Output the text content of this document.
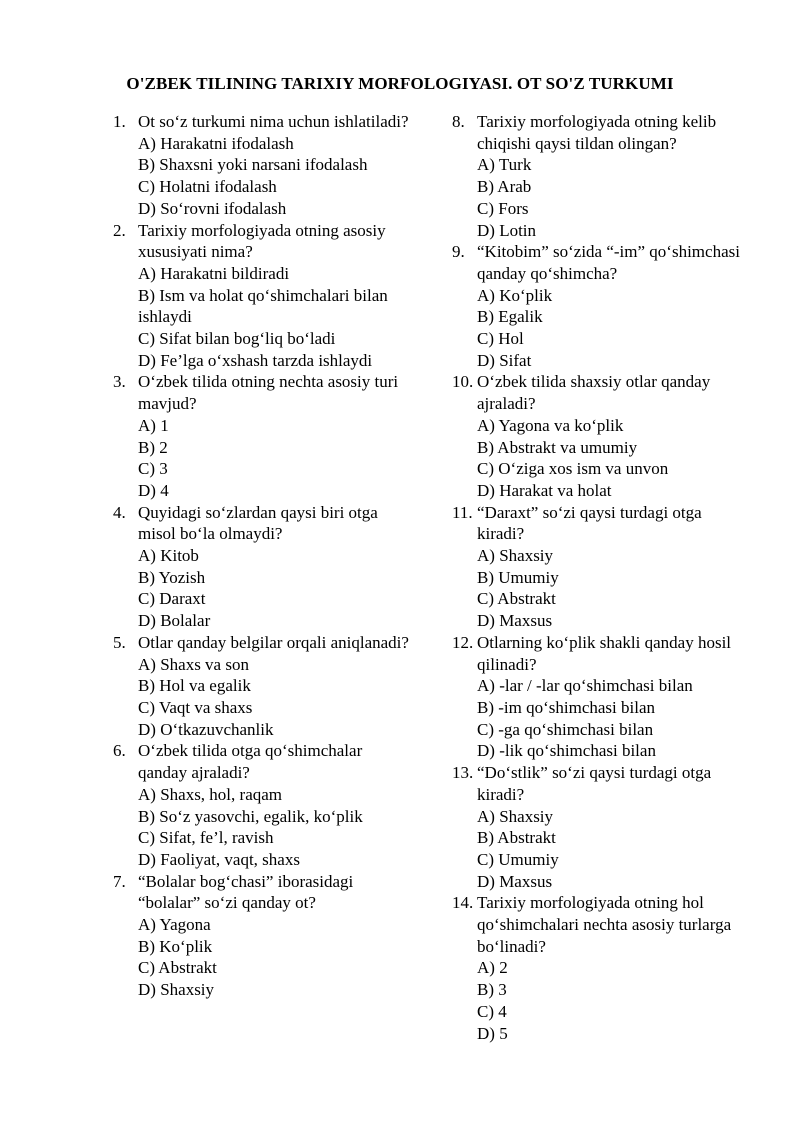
O'ZBEK TILINING TARIXIY MORFOLOGIYASI. OT SO'Z TURKUMI
1. Ot so‘z turkumi nima uchun ishlatiladi?
A) Harakatni ifodalash
B) Shaxsni yoki narsani ifodalash
C) Holatni ifodalash
D) So‘rovni ifodalash
2. Tarixiy morfologiyada otning asosiy xususiyati nima?
A) Harakatni bildiradi
B) Ism va holat qo‘shimchalari bilan ishlaydi
C) Sifat bilan bog‘liq bo‘ladi
D) Fe’lga o‘xshash tarzda ishlaydi
3. O‘zbek tilida otning nechta asosiy turi mavjud?
A) 1
B) 2
C) 3
D) 4
4. Quyidagi so‘zlardan qaysi biri otga misol bo‘la olmaydi?
A) Kitob
B) Yozish
C) Daraxt
D) Bolalar
5. Otlar qanday belgilar orqali aniqlanadi?
A) Shaxs va son
B) Hol va egalik
C) Vaqt va shaxs
D) O‘tkazuvchanlik
6. O‘zbek tilida otga qo‘shimchalar qanday ajraladi?
A) Shaxs, hol, raqam
B) So‘z yasovchi, egalik, ko‘plik
C) Sifat, fe’l, ravish
D) Faoliyat, vaqt, shaxs
7. “Bolalar bog‘chasi” iborasidagi “bolalar” so‘zi qanday ot?
A) Yagona
B) Ko‘plik
C) Abstrakt
D) Shaxsiy
8. Tarixiy morfologiyada otning kelib chiqishi qaysi tildan olingan?
A) Turk
B) Arab
C) Fors
D) Lotin
9. “Kitobim” so‘zida “-im” qo‘shimchasi qanday qo‘shimcha?
A) Ko‘plik
B) Egalik
C) Hol
D) Sifat
10. O‘zbek tilida shaxsiy otlar qanday ajraladi?
A) Yagona va ko‘plik
B) Abstrakt va umumiy
C) O‘ziga xos ism va unvon
D) Harakat va holat
11. “Daraxt” so‘zi qaysi turdagi otga kiradi?
A) Shaxsiy
B) Umumiy
C) Abstrakt
D) Maxsus
12. Otlarning ko‘plik shakli qanday hosil qilinadi?
A) -lar / -lar qo‘shimchasi bilan
B) -im qo‘shimchasi bilan
C) -ga qo‘shimchasi bilan
D) -lik qo‘shimchasi bilan
13. “Do‘stlik” so‘zi qaysi turdagi otga kiradi?
A) Shaxsiy
B) Abstrakt
C) Umumiy
D) Maxsus
14. Tarixiy morfologiyada otning hol qo‘shimchalari nechta asosiy turlarga bo‘linadi?
A) 2
B) 3
C) 4
D) 5
